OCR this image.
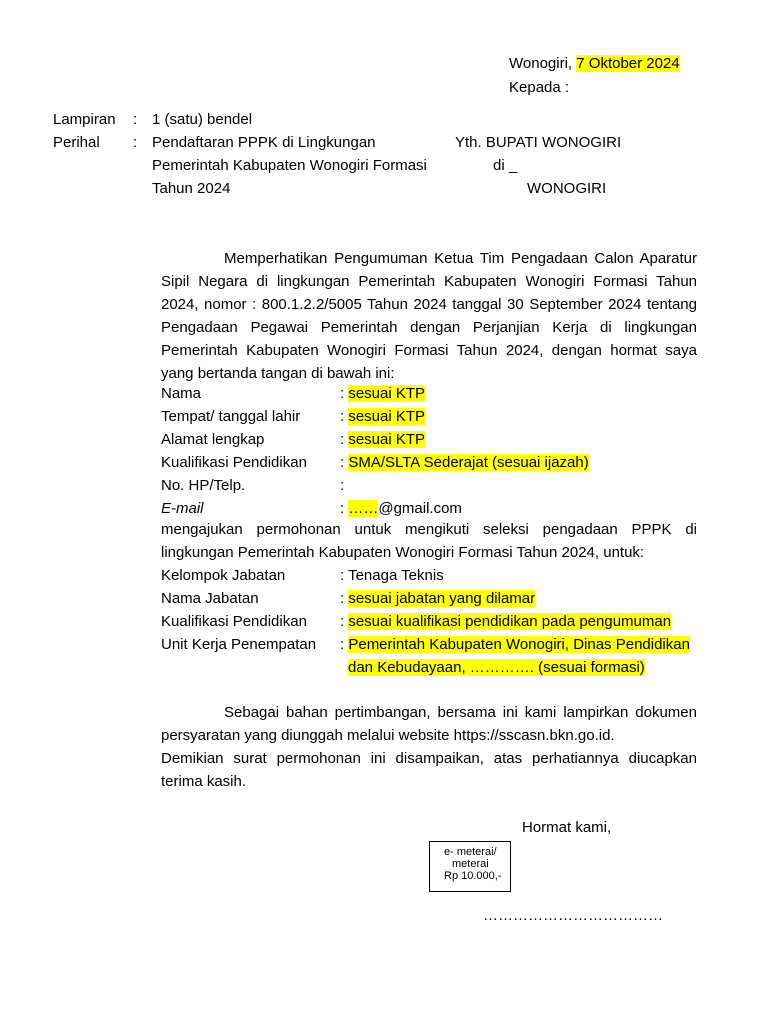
Wonogiri, 7 Oktober 2024
Kepada :
Lampiran : 1 (satu) bendel
Perihal : Pendaftaran PPPK di Lingkungan
Pemerintah Kabupaten Wonogiri Formasi
Tahun 2024
Yth. BUPATI WONOGIRI
di _
WONOGIRI
Memperhatikan Pengumuman Ketua Tim Pengadaan Calon Aparatur
Sipil Negara di lingkungan Pemerintah Kabupaten Wonogiri Formasi Tahun
2024, nomor : 800.1.2.2/5005 Tahun 2024 tanggal 30 September 2024 tentang
Pengadaan Pegawai Pemerintah dengan Perjanjian Kerja di lingkungan
Pemerintah Kabupaten Wonogiri Formasi Tahun 2024, dengan hormat saya
yang bertanda tangan di bawah ini:
Nama	: sesuai KTP
Tempat/ tanggal lahir	: sesuai KTP
Alamat lengkap	: sesuai KTP
Kualifikasi Pendidikan : SMA/SLTA Sederajat (sesuai ijazah)
No. HP/Telp.	:
E-mail	: ……@gmail.com
mengajukan permohonan untuk mengikuti seleksi pengadaan PPPK di
lingkungan Pemerintah Kabupaten Wonogiri Formasi Tahun 2024, untuk:
Kelompok Jabatan	: Tenaga Teknis
Nama Jabatan	: sesuai jabatan yang dilamar
Kualifikasi Pendidikan : sesuai kualifikasi pendidikan pada pengumuman
Unit Kerja Penempatan : Pemerintah Kabupaten Wonogiri, Dinas Pendidikan
dan Kebudayaan, …………. (sesuai formasi)
Sebagai bahan pertimbangan, bersama ini kami lampirkan dokumen
persyaratan yang diunggah melalui website https://sscasn.bkn.go.id.
Demikian surat permohonan ini disampaikan, atas perhatiannya diucapkan
terima kasih.
Hormat kami,
e- meterai/
meterai
Rp 10.000,-
………………………………
